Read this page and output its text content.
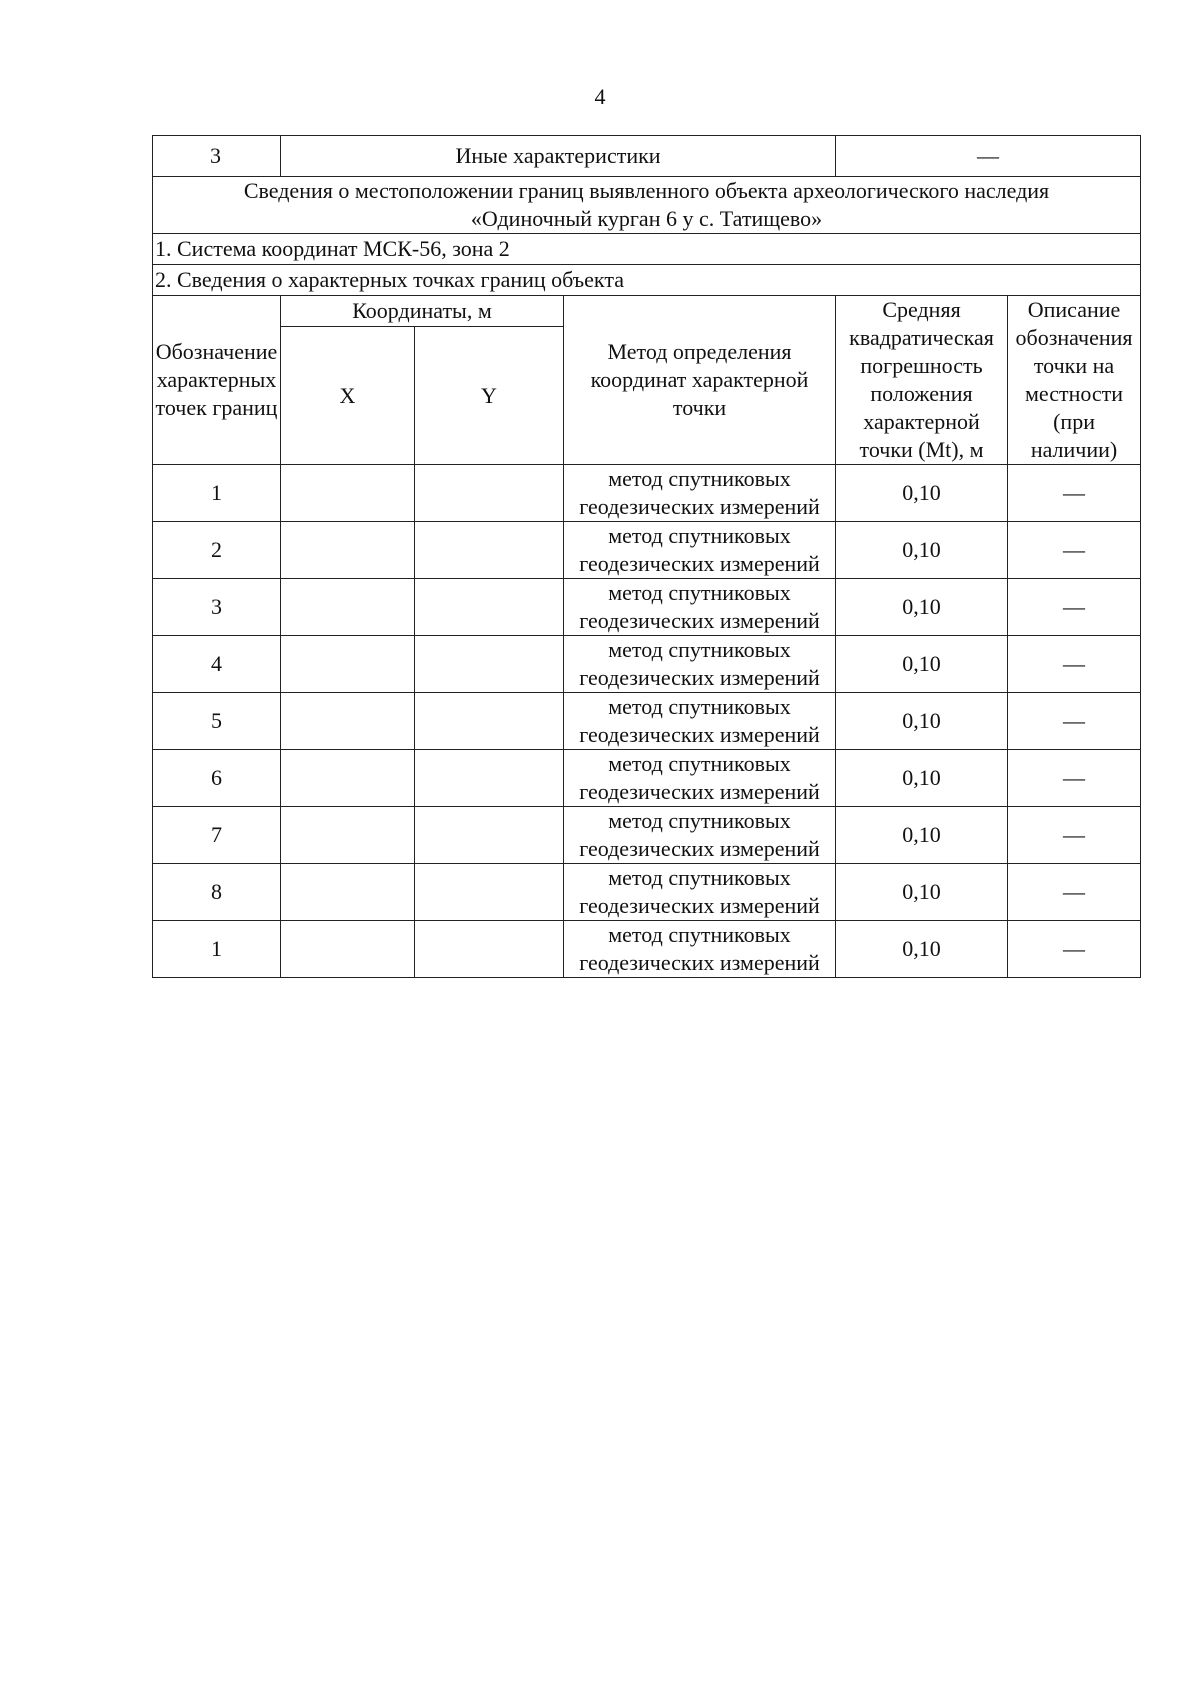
4
3	Иные характеристики			—	

Сведения о местоположении границ выявленного объекта археологического наследия
«Одиночный курган 6 у с. Татищево»					

1. Система координат МСК-56, зона 2					
2. Сведения о характерных точках границ объекта					
Обозначение характерных точек границ	Координаты, м		Метод определения координат характерной точки	Средняя квадратическая погрешность положения характерной точки (Mt), м	Описание обозначения точки на местности (при наличии)
	X	Y			
1			метод спутниковых геодезических измерений	0,10	—
2			метод спутниковых геодезических измерений	0,10	—
3			метод спутниковых геодезических измерений	0,10	—
4			метод спутниковых геодезических измерений	0,10	—
5			метод спутниковых геодезических измерений	0,10	—
6			метод спутниковых геодезических измерений	0,10	—
7			метод спутниковых геодезических измерений	0,10	—
8			метод спутниковых геодезических измерений	0,10	—
1			метод спутниковых геодезических измерений	0,10	—
